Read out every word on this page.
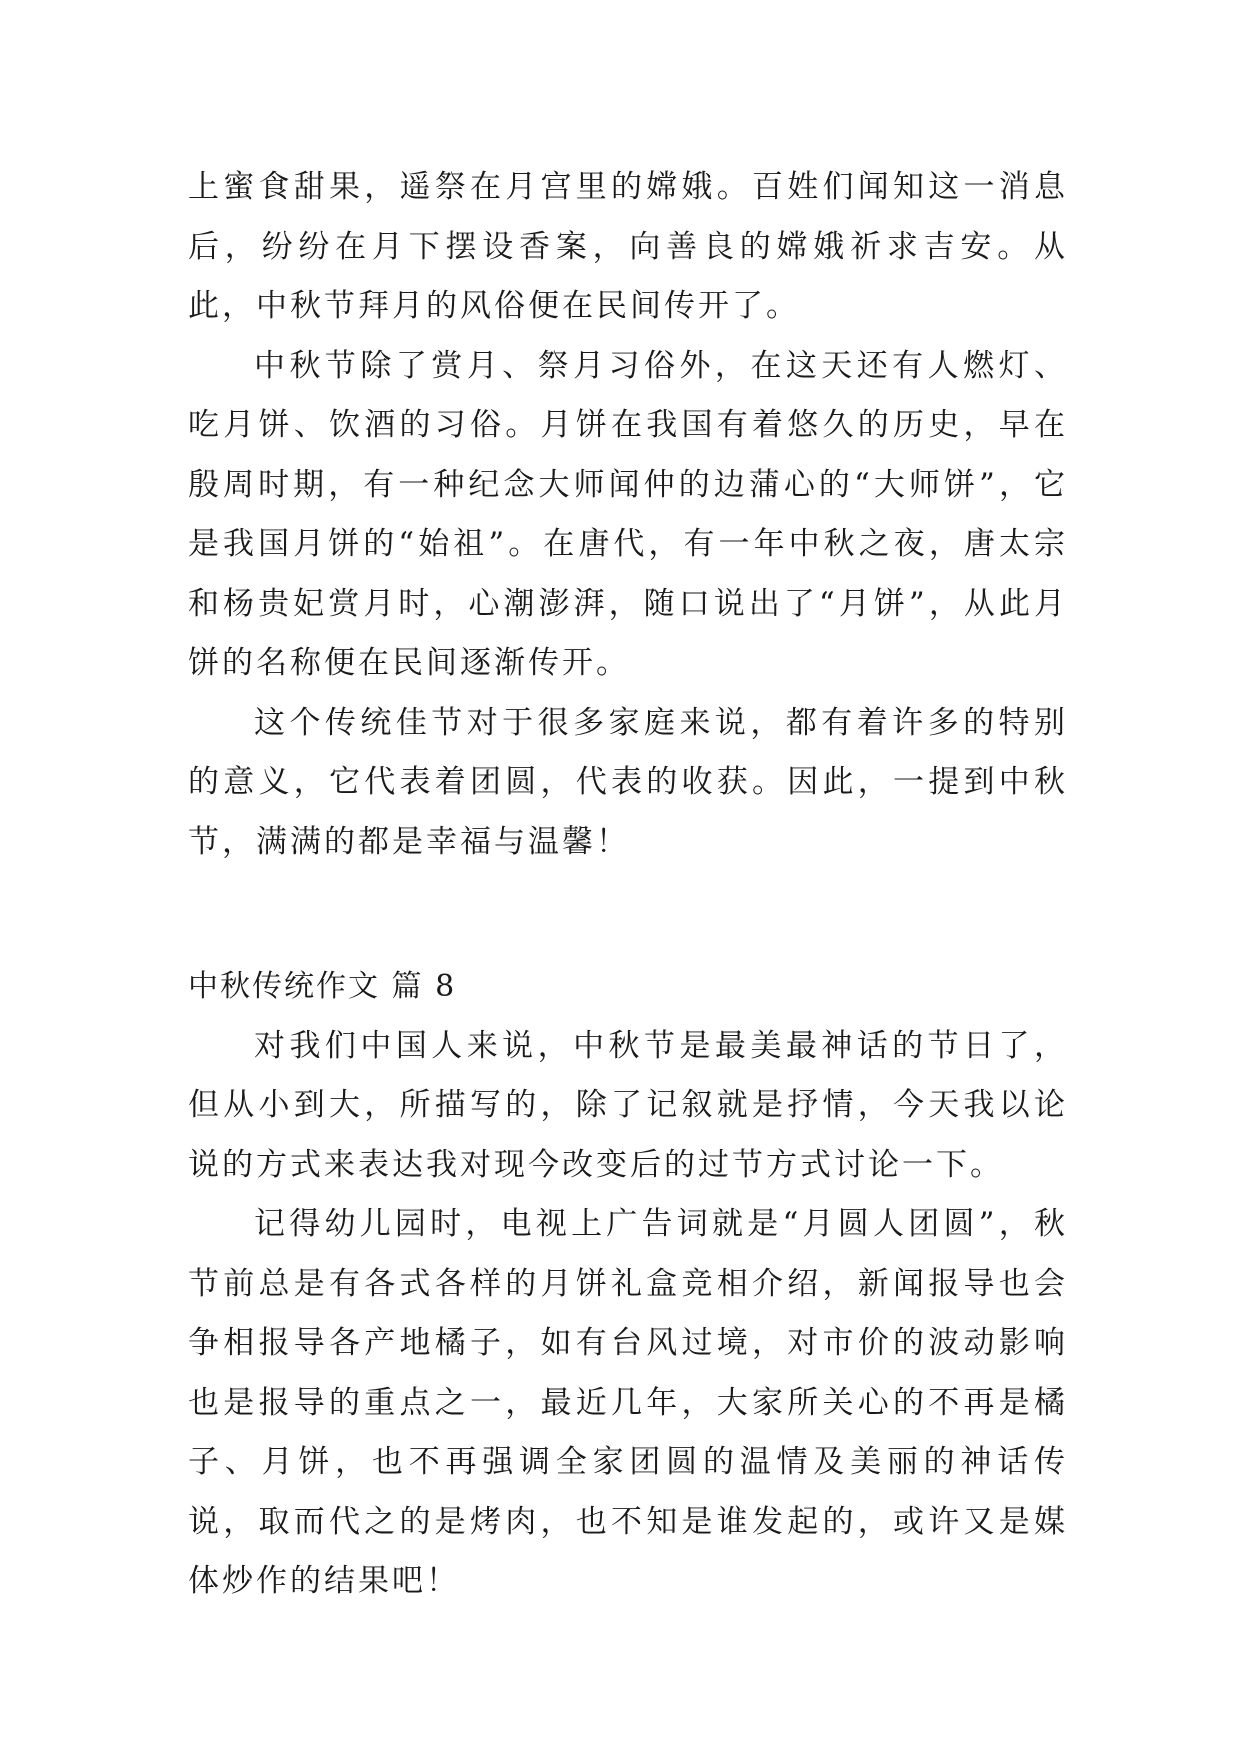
上蜜食甜果，遥祭在月宫里的嫦娥。百姓们闻知这一消息后，纷纷在月下摆设香案，向善良的嫦娥祈求吉安。从此，中秋节拜月的风俗便在民间传开了。

中秋节除了赏月、祭月习俗外，在这天还有人燃灯、吃月饼、饮酒的习俗。月饼在我国有着悠久的历史，早在殷周时期，有一种纪念大师闻仲的边蒲心的“大师饼”，它是我国月饼的“始祖”。在唐代，有一年中秋之夜，唐太宗和杨贵妃赏月时，心潮澎湃，随口说出了“月饼”，从此月饼的名称便在民间逐渐传开。

这个传统佳节对于很多家庭来说，都有着许多的特别的意义，它代表着团圆，代表的收获。因此，一提到中秋节，满满的都是幸福与温馨！

中秋传统作文 篇 8

对我们中国人来说，中秋节是最美最神话的节日了，但从小到大，所描写的，除了记叙就是抒情，今天我以论说的方式来表达我对现今改变后的过节方式讨论一下。

记得幼儿园时，电视上广告词就是“月圆人团圆”，秋节前总是有各式各样的月饼礼盒竞相介绍，新闻报导也会争相报导各产地橘子，如有台风过境，对市价的波动影响也是报导的重点之一，最近几年，大家所关心的不再是橘子、月饼，也不再强调全家团圆的温情及美丽的神话传说，取而代之的是烤肉，也不知是谁发起的，或许又是媒体炒作的结果吧！
